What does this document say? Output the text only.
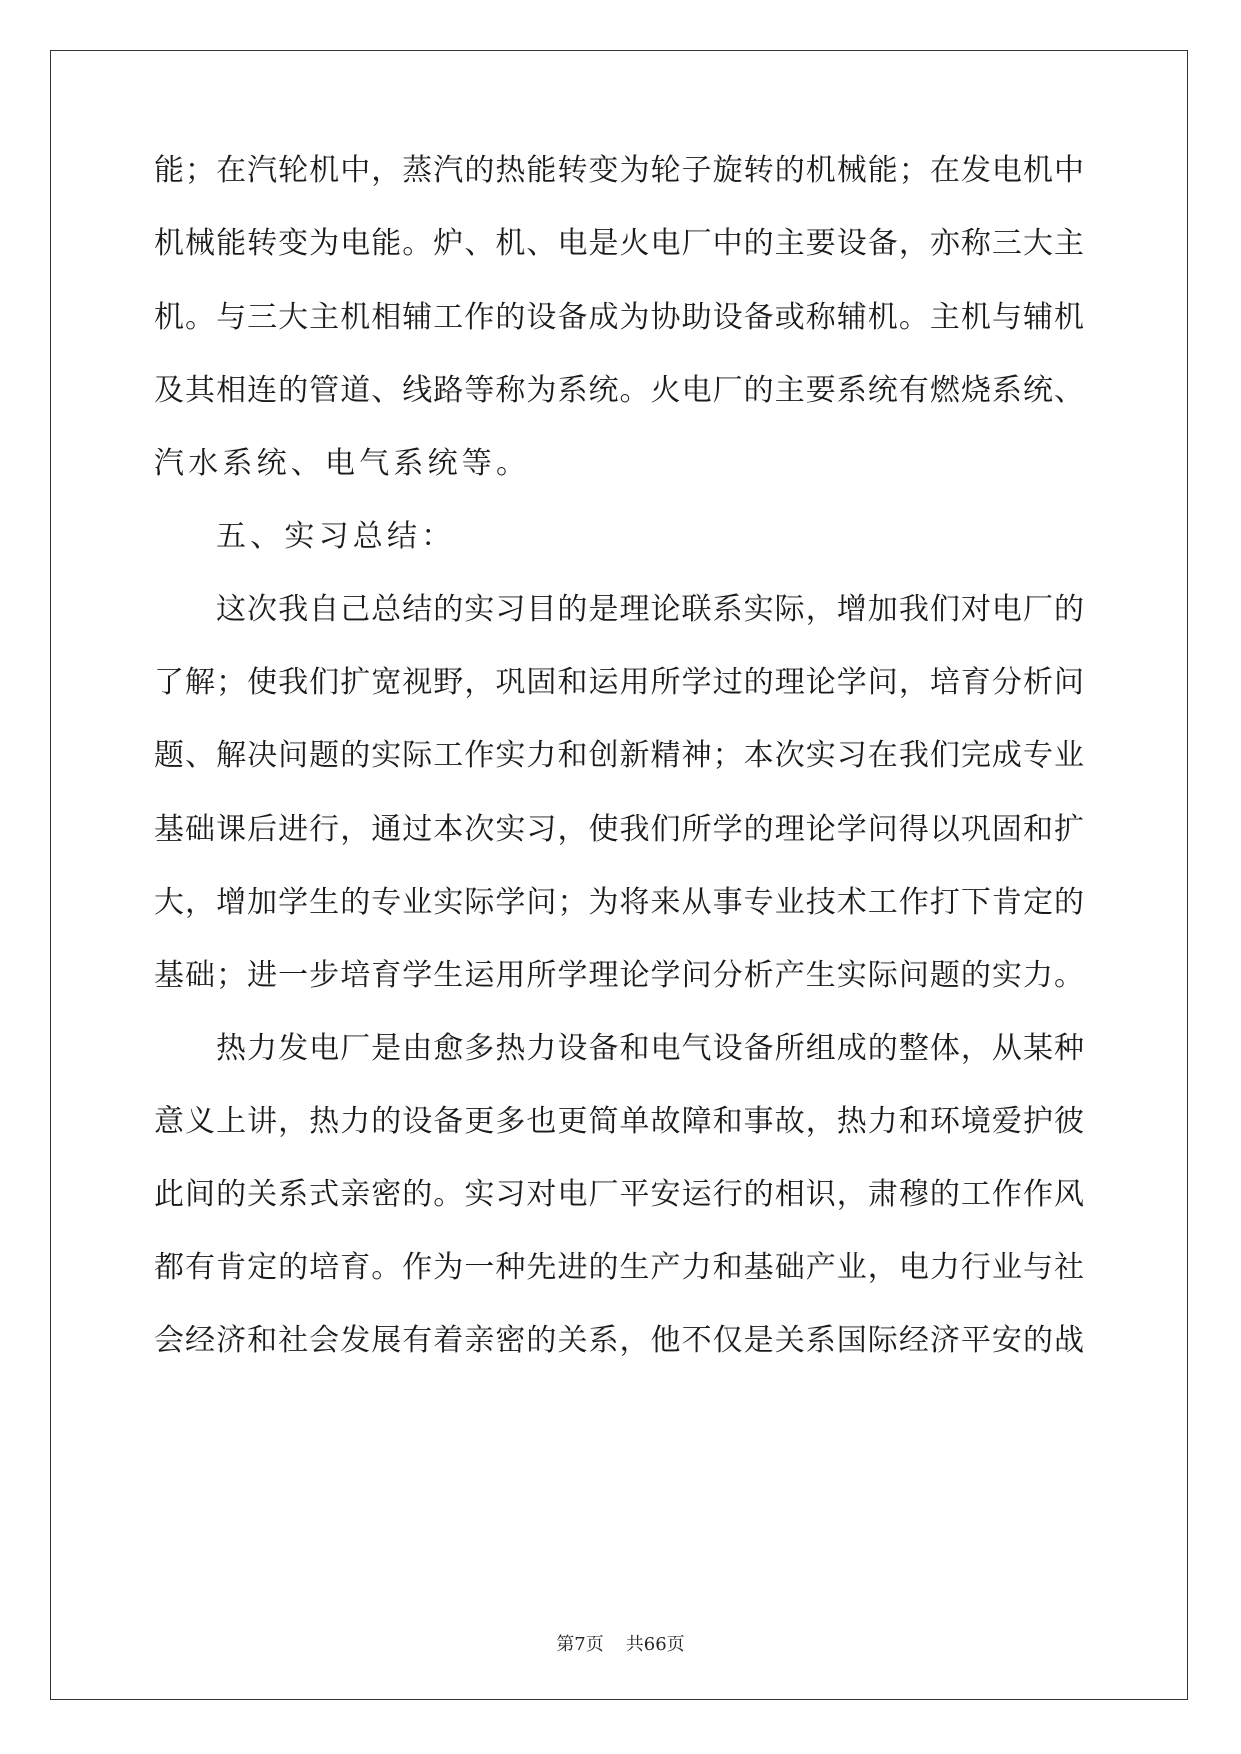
能；在汽轮机中，蒸汽的热能转变为轮子旋转的机械能；在发电机中

机械能转变为电能。炉、机、电是火电厂中的主要设备，亦称三大主

机。与三大主机相辅工作的设备成为协助设备或称辅机。主机与辅机

及其相连的管道、线路等称为系统。火电厂的主要系统有燃烧系统、

汽水系统、电气系统等。

五、实习总结：

这次我自己总结的实习目的是理论联系实际，增加我们对电厂的

了解；使我们扩宽视野，巩固和运用所学过的理论学问，培育分析问

题、解决问题的实际工作实力和创新精神；本次实习在我们完成专业

基础课后进行，通过本次实习，使我们所学的理论学问得以巩固和扩

大，增加学生的专业实际学问；为将来从事专业技术工作打下肯定的

基础；进一步培育学生运用所学理论学问分析产生实际问题的实力。

热力发电厂是由愈多热力设备和电气设备所组成的整体，从某种

意义上讲，热力的设备更多也更简单故障和事故，热力和环境爱护彼

此间的关系式亲密的。实习对电厂平安运行的相识，肃穆的工作作风

都有肯定的培育。作为一种先进的生产力和基础产业，电力行业与社

会经济和社会发展有着亲密的关系，他不仅是关系国际经济平安的战

第7页 共66页
